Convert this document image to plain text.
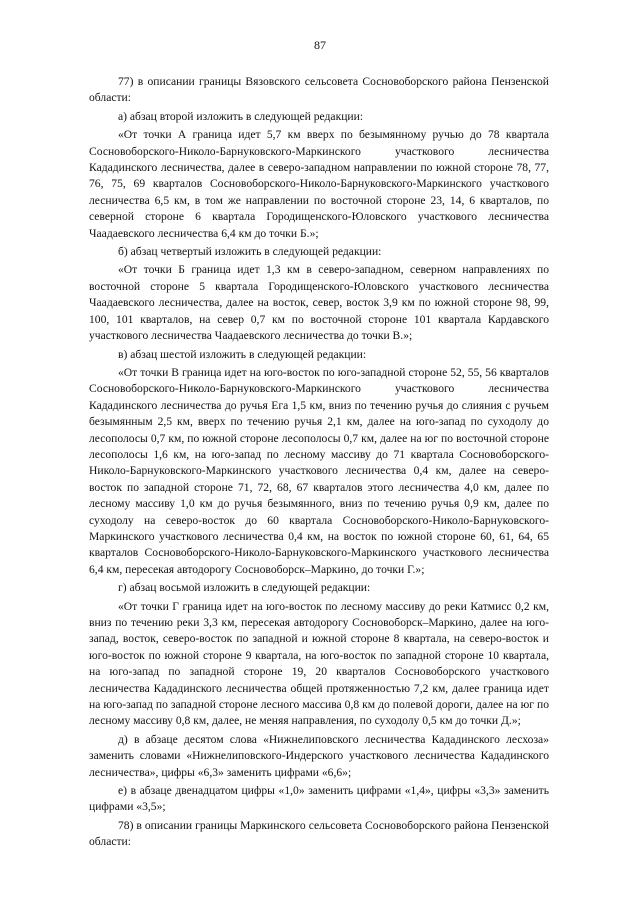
87

77) в описании границы Вязовского сельсовета Сосновоборского района Пензенской области:

а) абзац второй изложить в следующей редакции:

«От точки А граница идет 5,7 км вверх по безымянному ручью до 78 квартала Сосновоборского-Николо-Барнуковского-Маркинского участкового лесничества Кададинского лесничества, далее в северо-западном направлении по южной стороне 78, 77, 76, 75, 69 кварталов Сосновоборского-Николо-Барнуковского-Маркинского участкового лесничества 6,5 км, в том же направлении по восточной стороне 23, 14, 6 кварталов, по северной стороне 6 квартала Городищенского-Юловского участкового лесничества Чаадаевского лесничества 6,4 км до точки Б.»;

б) абзац четвертый изложить в следующей редакции:

«От точки Б граница идет 1,3 км в северо-западном, северном направлениях по восточной стороне 5 квартала Городищенского-Юловского участкового лесничества Чаадаевского лесничества, далее на восток, север, восток 3,9 км по южной стороне 98, 99, 100, 101 кварталов, на север 0,7 км по восточной стороне 101 квартала Кардавского участкового лесничества Чаадаевского лесничества до точки В.»;

в) абзац шестой изложить в следующей редакции:

«От точки В граница идет на юго-восток по юго-западной стороне 52, 55, 56 кварталов Сосновоборского-Николо-Барнуковского-Маркинского участкового лесничества Кададинского лесничества до ручья Ега 1,5 км, вниз по течению ручья до слияния с ручьем безымянным 2,5 км, вверх по течению ручья 2,1 км, далее на юго-запад по суходолу до лесополосы 0,7 км, по южной стороне лесополосы 0,7 км, далее на юг по восточной стороне лесополосы 1,6 км, на юго-запад по лесному массиву до 71 квартала Сосновоборского-Николо-Барнуковского-Маркинского участкового лесничества 0,4 км, далее на северо-восток по западной стороне 71, 72, 68, 67 кварталов этого лесничества 4,0 км, далее по лесному массиву 1,0 км до ручья безымянного, вниз по течению ручья 0,9 км, далее по суходолу на северо-восток до 60 квартала Сосновоборского-Николо-Барнуковского-Маркинского участкового лесничества 0,4 км, на восток по южной стороне 60, 61, 64, 65 кварталов Сосновоборского-Николо-Барнуковского-Маркинского участкового лесничества 6,4 км, пересекая автодорогу Сосновоборск–Маркино, до точки Г.»;

г) абзац восьмой изложить в следующей редакции:

«От точки Г граница идет на юго-восток по лесному массиву до реки Катмисс 0,2 км, вниз по течению реки 3,3 км, пересекая автодорогу Сосновоборск–Маркино, далее на юго-запад, восток, северо-восток по западной и южной стороне 8 квартала, на северо-восток и юго-восток по южной стороне 9 квартала, на юго-восток по западной стороне 10 квартала, на юго-запад по западной стороне 19, 20 кварталов Сосновоборского участкового лесничества Кададинского лесничества общей протяженностью 7,2 км, далее граница идет на юго-запад по западной стороне лесного массива 0,8 км до полевой дороги, далее на юг по лесному массиву 0,8 км, далее, не меняя направления, по суходолу 0,5 км до точки Д.»;

д) в абзаце десятом слова «Нижнелиповского лесничества Кададинского лесхоза» заменить словами «Нижнелиповского-Индерского участкового лесничества Кададинского лесничества», цифры «6,3» заменить цифрами «6,6»;

е) в абзаце двенадцатом цифры «1,0» заменить цифрами «1,4», цифры «3,3» заменить цифрами «3,5»;

78) в описании границы Маркинского сельсовета Сосновоборского района Пензенской области:
